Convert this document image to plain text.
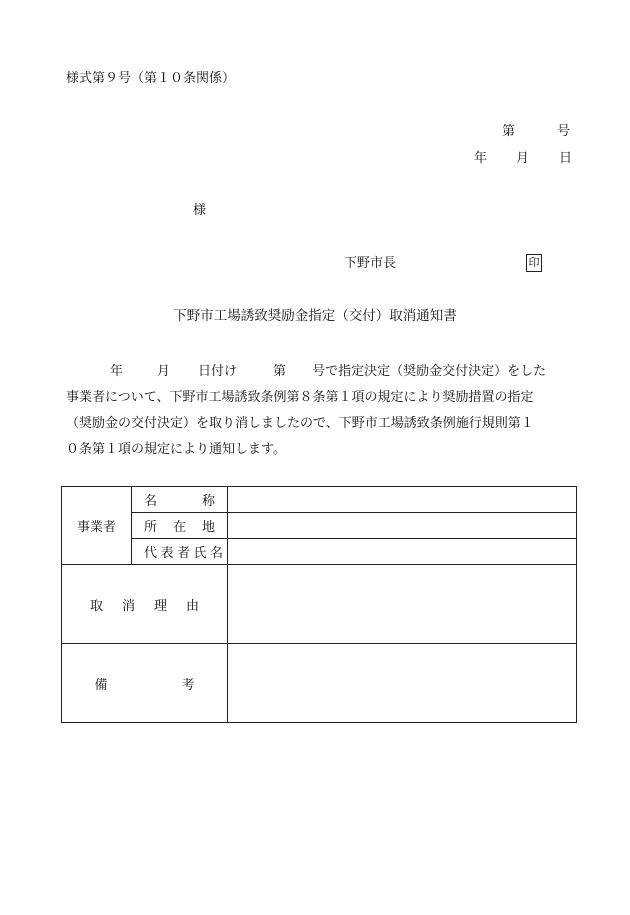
様式第９号（第１０条関係）
第	号
年 月 日
様
下野市長	印
下野市工場誘致奨励金指定（交付）取消通知書
年	月 日付け	第 号で指定決定（奨励金交付決定）をした
事業者について、下野市工場誘致条例第８条第１項の規定により奨励措置の指定
（奨励金の交付決定）を取り消しましたので、下野市工場誘致条例施行規則第１
０条第１項の規定により通知します。
事業者	名称	

	所在地	

	代表者氏名	

取 消 理 由		
備 考		
